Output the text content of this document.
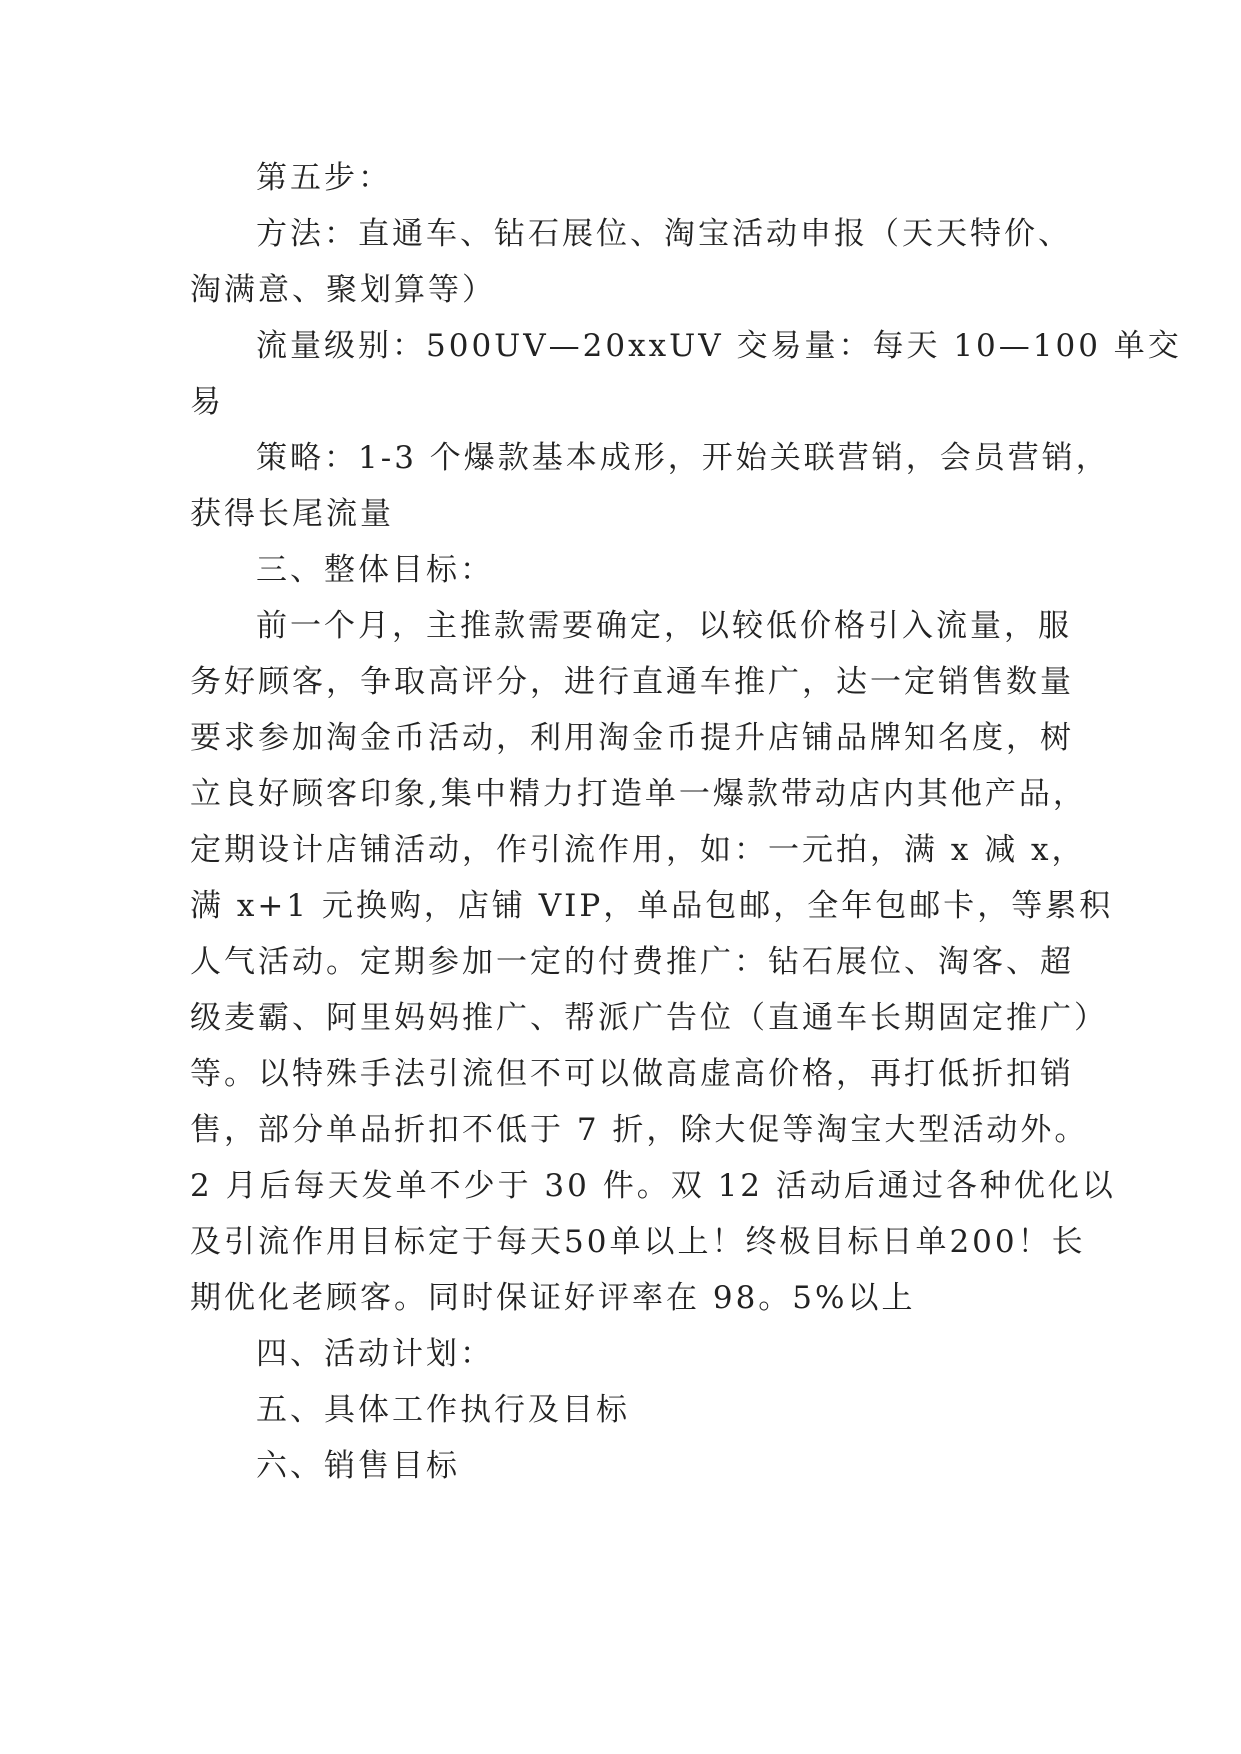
第五步：
方法：直通车、钻石展位、淘宝活动申报（天天特价、
淘满意、聚划算等）
流量级别：500UV—20xxUV 交易量：每天 10—100 单交
易
策略：1-3 个爆款基本成形，开始关联营销，会员营销，
获得长尾流量
三、整体目标：
前一个月，主推款需要确定，以较低价格引入流量，服
务好顾客，争取高评分，进行直通车推广，达一定销售数量
要求参加淘金币活动，利用淘金币提升店铺品牌知名度，树
立良好顾客印象,集中精力打造单一爆款带动店内其他产品，
定期设计店铺活动，作引流作用，如：一元拍，满 x 减 x，
满 x+1 元换购，店铺 VIP，单品包邮，全年包邮卡，等累积
人气活动。定期参加一定的付费推广：钻石展位、淘客、超
级麦霸、阿里妈妈推广、帮派广告位（直通车长期固定推广）
等。以特殊手法引流但不可以做高虚高价格，再打低折扣销
售，部分单品折扣不低于 7 折，除大促等淘宝大型活动外。
2 月后每天发单不少于 30 件。双 12 活动后通过各种优化以
及引流作用目标定于每天50单以上！终极目标日单200！长
期优化老顾客。同时保证好评率在 98。5%以上
四、活动计划：
五、具体工作执行及目标
六、销售目标
